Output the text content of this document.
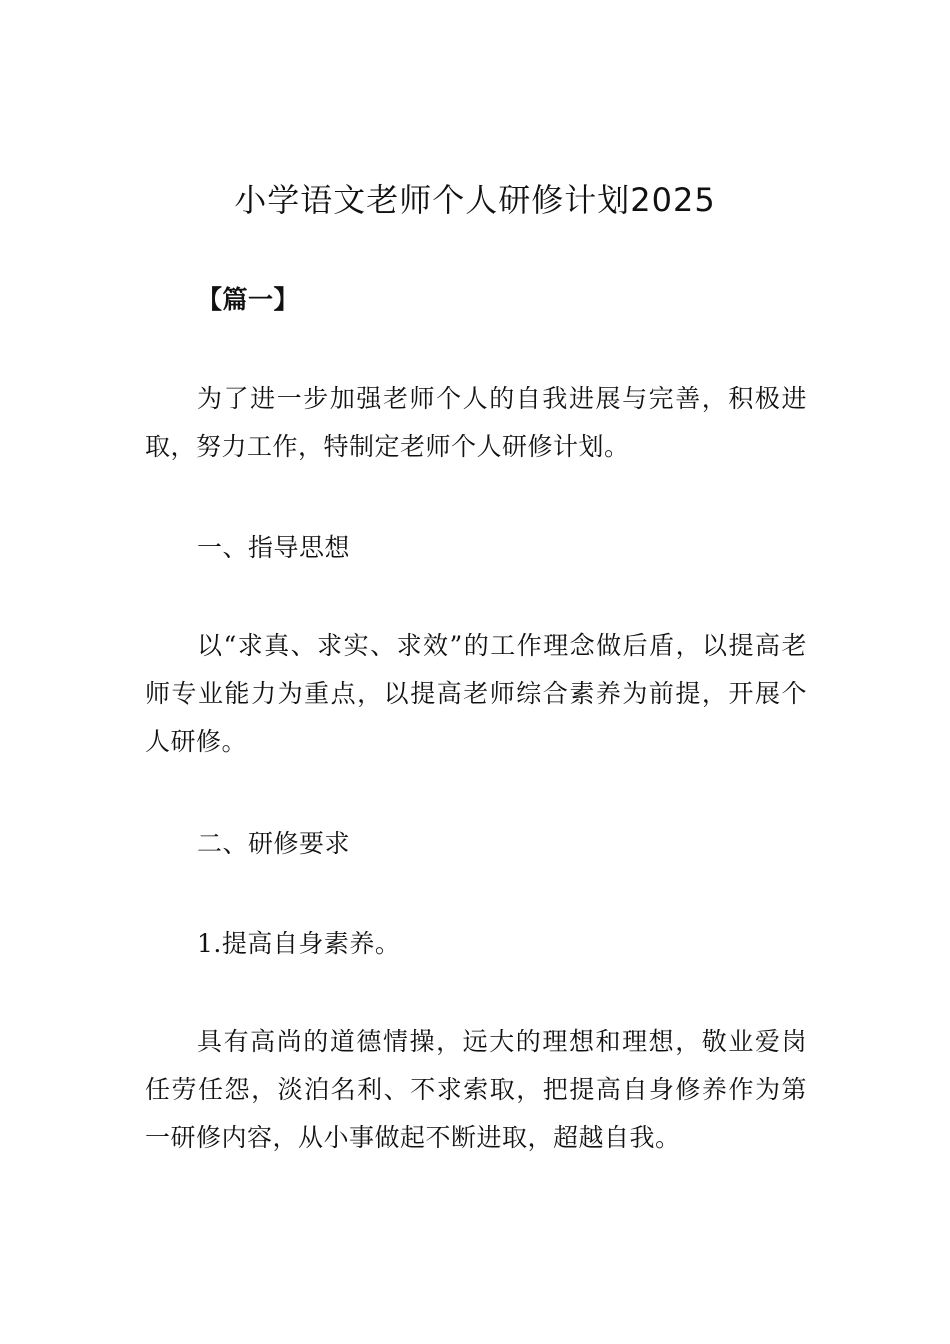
小学语文老师个人研修计划2025

【篇一】

为了进一步加强老师个人的自我进展与完善，积极进取，努力工作，特制定老师个人研修计划。

一、指导思想

以“求真、求实、求效”的工作理念做后盾，以提高老师专业能力为重点，以提高老师综合素养为前提，开展个人研修。

二、研修要求

1.提高自身素养。

具有高尚的道德情操，远大的理想和理想，敬业爱岗任劳任怨，淡泊名利、不求索取，把提高自身修养作为第一研修内容，从小事做起不断进取，超越自我。
